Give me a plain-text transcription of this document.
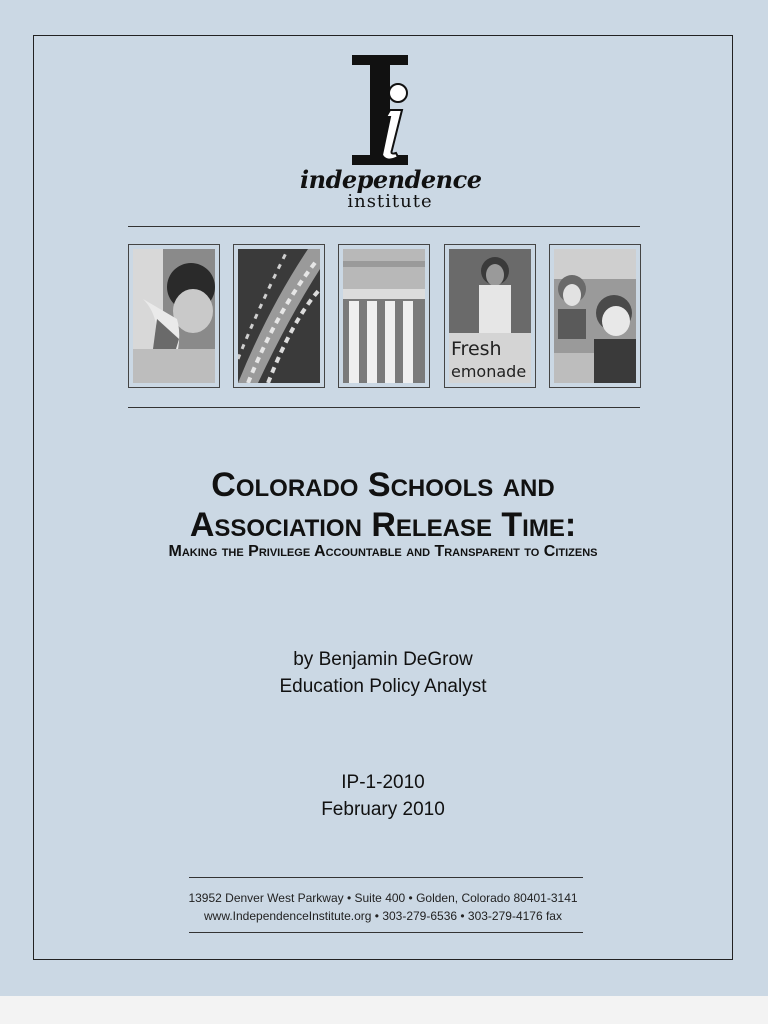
independence
institute
Fresh
emonade
Colorado Schools and
Association Release Time:
Making the Privilege Accountable and Transparent to Citizens
by Benjamin DeGrow
Education Policy Analyst
IP-1-2010
February 2010
13952 Denver West Parkway • Suite 400 • Golden, Colorado 80401-3141
www.IndependenceInstitute.org • 303-279-6536 • 303-279-4176 fax
